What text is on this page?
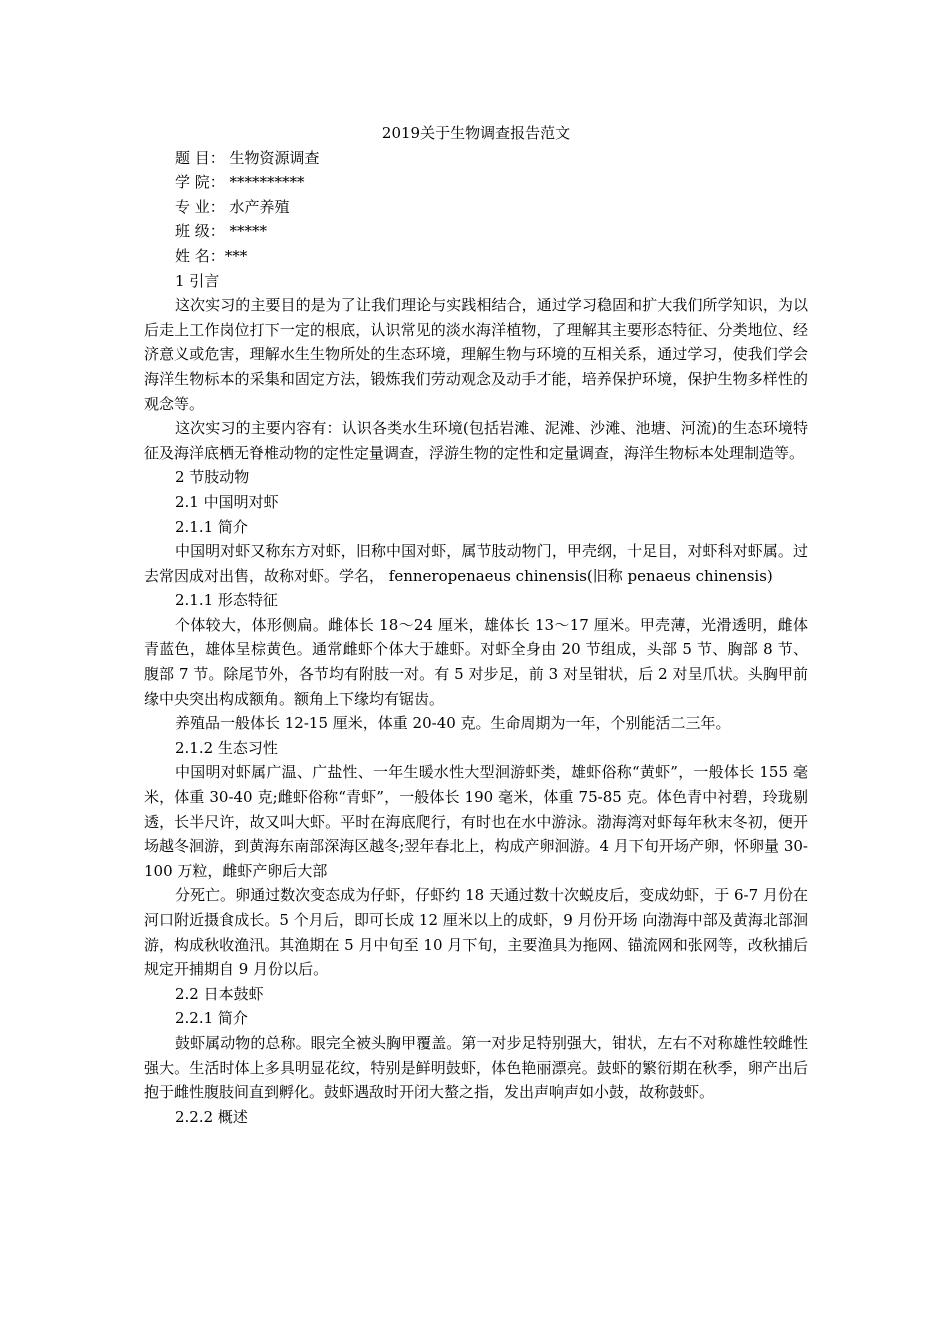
2019关于生物调查报告范文

题 目： 生物资源调查

学 院： **********

专 业： 水产养殖

班 级： *****

姓 名：***

1 引言

这次实习的主要目的是为了让我们理论与实践相结合，通过学习稳固和扩大我们所学知识，为以后走上工作岗位打下一定的根底，认识常见的淡水海洋植物，了理解其主要形态特征、分类地位、经济意义或危害，理解水生生物所处的生态环境，理解生物与环境的互相关系，通过学习，使我们学会海洋生物标本的采集和固定方法，锻炼我们劳动观念及动手才能，培养保护环境，保护生物多样性的观念等。

这次实习的主要内容有：认识各类水生环境(包括岩滩、泥滩、沙滩、池塘、河流)的生态环境特征及海洋底栖无脊椎动物的定性定量调查，浮游生物的定性和定量调查，海洋生物标本处理制造等。

2 节肢动物

2.1 中国明对虾

2.1.1 简介

中国明对虾又称东方对虾，旧称中国对虾，属节肢动物门，甲壳纲，十足目，对虾科对虾属。过去常因成对出售，故称对虾。学名， fenneropenaeus chinensis(旧称 penaeus chinensis)

2.1.1 形态特征

个体较大，体形侧扁。雌体长 18～24 厘米，雄体长 13～17 厘米。甲壳薄，光滑透明，雌体青蓝色，雄体呈棕黄色。通常雌虾个体大于雄虾。对虾全身由 20 节组成，头部 5 节、胸部 8 节、腹部 7 节。除尾节外，各节均有附肢一对。有 5 对步足，前 3 对呈钳状，后 2 对呈爪状。头胸甲前缘中央突出构成额角。额角上下缘均有锯齿。

养殖品一般体长 12-15 厘米，体重 20-40 克。生命周期为一年，个别能活二三年。

2.1.2 生态习性

中国明对虾属广温、广盐性、一年生暖水性大型洄游虾类，雄虾俗称“黄虾”，一般体长 155 毫米，体重 30-40 克;雌虾俗称“青虾”，一般体长 190 毫米，体重 75-85 克。体色青中衬碧，玲珑剔透，长半尺许，故又叫大虾。平时在海底爬行，有时也在水中游泳。渤海湾对虾每年秋末冬初，便开场越冬洄游，到黄海东南部深海区越冬;翌年春北上，构成产卵洄游。4 月下旬开场产卵，怀卵量 30-100 万粒，雌虾产卵后大部

分死亡。卵通过数次变态成为仔虾，仔虾约 18 天通过数十次蜕皮后，变成幼虾，于 6-7 月份在河口附近摄食成长。5 个月后，即可长成 12 厘米以上的成虾，9 月份开场 向渤海中部及黄海北部洄游，构成秋收渔汛。其渔期在 5 月中旬至 10 月下旬，主要渔具为拖网、锚流网和张网等，改秋捕后规定开捕期自 9 月份以后。

2.2 日本鼓虾

2.2.1 简介

鼓虾属动物的总称。眼完全被头胸甲覆盖。第一对步足特别强大，钳状，左右不对称雄性较雌性强大。生活时体上多具明显花纹，特别是鲜明鼓虾，体色艳丽漂亮。鼓虾的繁衍期在秋季，卵产出后抱于雌性腹肢间直到孵化。鼓虾遇敌时开闭大螯之指，发出声响声如小鼓，故称鼓虾。

2.2.2 概述
